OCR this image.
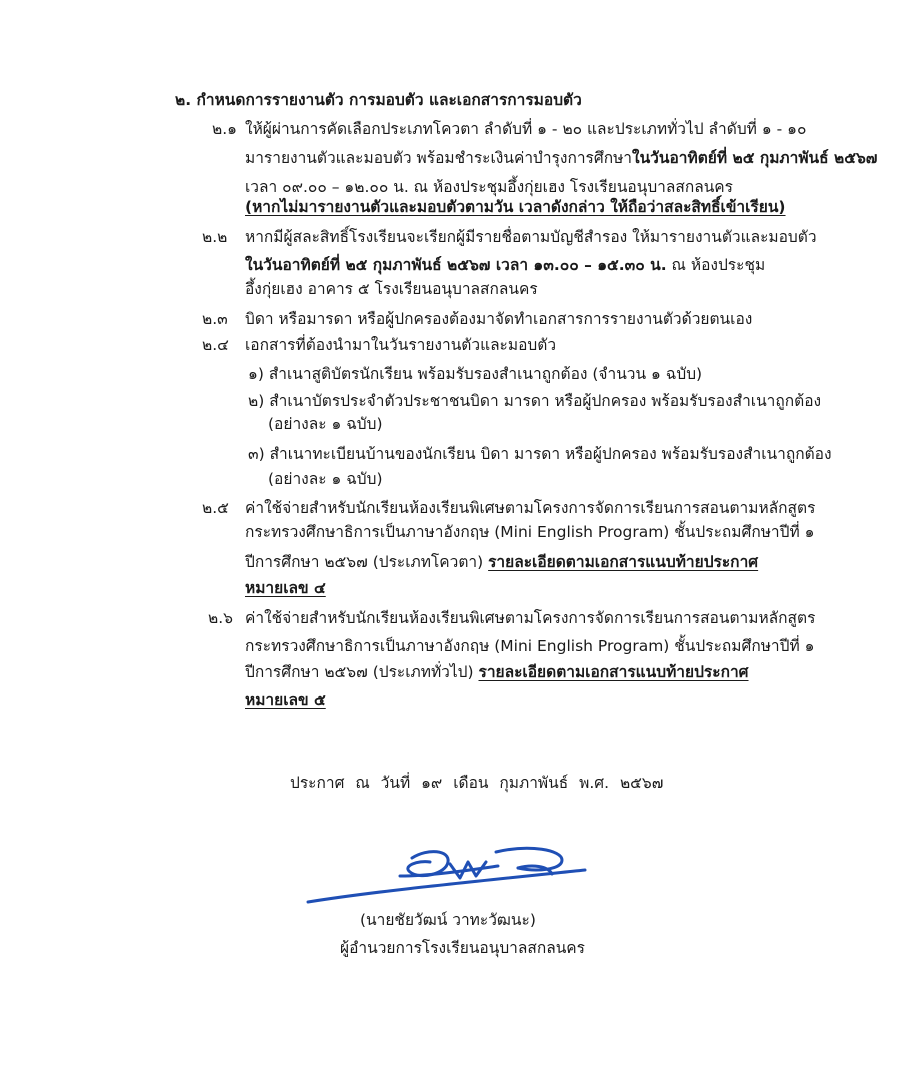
๒. กำหนดการรายงานตัว การมอบตัว และเอกสารการมอบตัว
๒.๑ ให้ผู้ผ่านการคัดเลือกประเภทโควตา ลำดับที่ ๑ - ๒๐ และประเภททั่วไป ลำดับที่ ๑ - ๑๐
มารายงานตัวและมอบตัว พร้อมชำระเงินค่าบำรุงการศึกษาในวันอาทิตย์ที่ ๒๕ กุมภาพันธ์ ๒๕๖๗
เวลา ๐๙.๐๐ – ๑๒.๐๐ น. ณ ห้องประชุมอึ้งกุ่ยเฮง โรงเรียนอนุบาลสกลนคร
(หากไม่มารายงานตัวและมอบตัวตามวัน เวลาดังกล่าว ให้ถือว่าสละสิทธิ์เข้าเรียน)
๒.๒ หากมีผู้สละสิทธิ์โรงเรียนจะเรียกผู้มีรายชื่อตามบัญชีสำรอง ให้มารายงานตัวและมอบตัว
ในวันอาทิตย์ที่ ๒๕ กุมภาพันธ์ ๒๕๖๗ เวลา ๑๓.๐๐ – ๑๕.๓๐ น. ณ ห้องประชุม
อึ้งกุ่ยเฮง อาคาร ๕ โรงเรียนอนุบาลสกลนคร
๒.๓ บิดา หรือมารดา หรือผู้ปกครองต้องมาจัดทำเอกสารการรายงานตัวด้วยตนเอง
๒.๔ เอกสารที่ต้องนำมาในวันรายงานตัวและมอบตัว
๑) สำเนาสูติบัตรนักเรียน พร้อมรับรองสำเนาถูกต้อง (จำนวน ๑ ฉบับ)
๒) สำเนาบัตรประจำตัวประชาชนบิดา มารดา หรือผู้ปกครอง พร้อมรับรองสำเนาถูกต้อง
(อย่างละ ๑ ฉบับ)
๓) สำเนาทะเบียนบ้านของนักเรียน บิดา มารดา หรือผู้ปกครอง พร้อมรับรองสำเนาถูกต้อง
(อย่างละ ๑ ฉบับ)
๒.๕ ค่าใช้จ่ายสำหรับนักเรียนห้องเรียนพิเศษตามโครงการจัดการเรียนการสอนตามหลักสูตร
กระทรวงศึกษาธิการเป็นภาษาอังกฤษ (Mini English Program) ชั้นประถมศึกษาปีที่ ๑
ปีการศึกษา ๒๕๖๗ (ประเภทโควตา) รายละเอียดตามเอกสารแนบท้ายประกาศ
หมายเลข ๔
๒.๖ ค่าใช้จ่ายสำหรับนักเรียนห้องเรียนพิเศษตามโครงการจัดการเรียนการสอนตามหลักสูตร
กระทรวงศึกษาธิการเป็นภาษาอังกฤษ (Mini English Program) ชั้นประถมศึกษาปีที่ ๑
ปีการศึกษา ๒๕๖๗ (ประเภททั่วไป) รายละเอียดตามเอกสารแนบท้ายประกาศ
หมายเลข ๕
ประกาศ ณ วันที่ ๑๙ เดือน กุมภาพันธ์ พ.ศ. ๒๕๖๗
(นายชัยวัฒน์ วาทะวัฒนะ)
ผู้อำนวยการโรงเรียนอนุบาลสกลนคร
